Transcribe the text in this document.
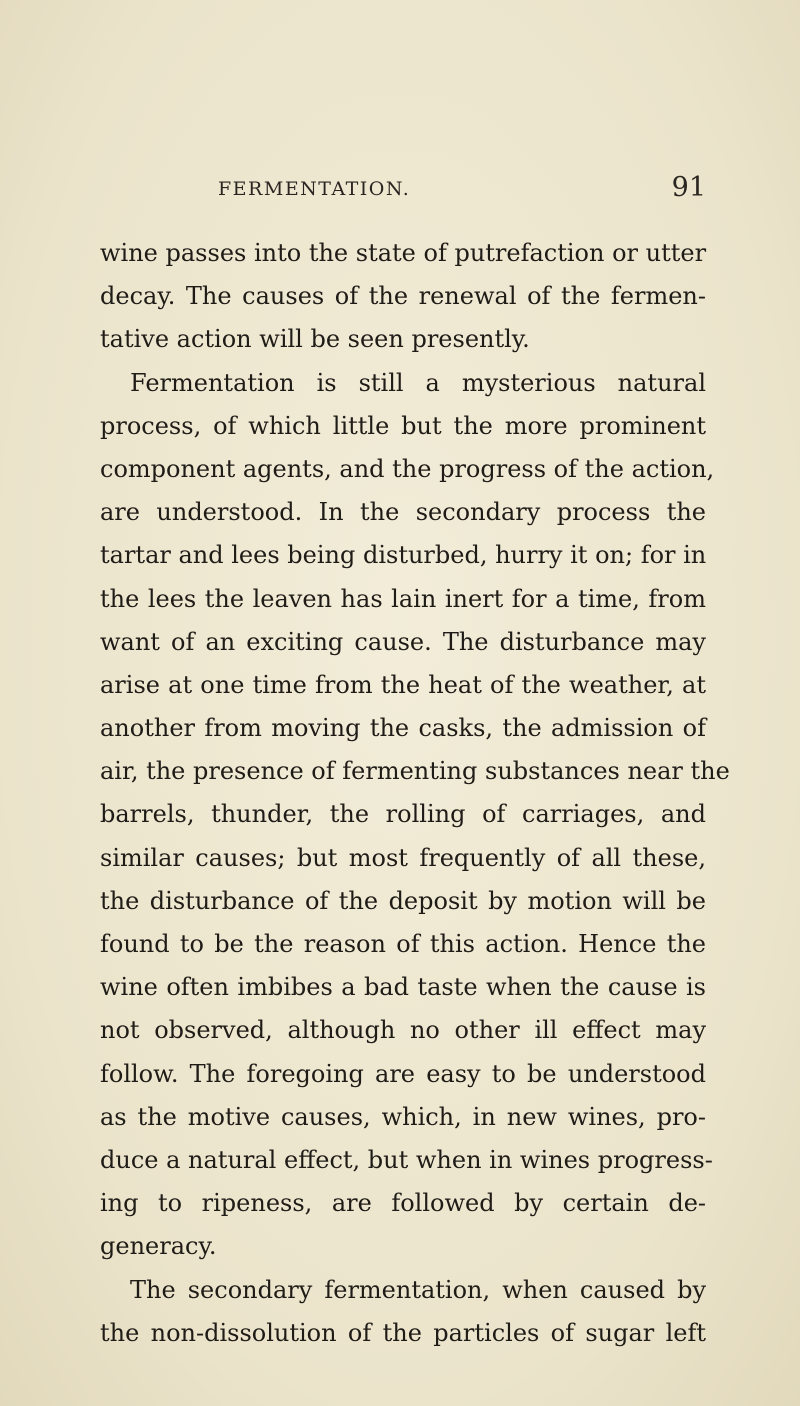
FERMENTATION.	91
wine passes into the state of putrefaction or utter
decay. The causes of the renewal of the fermen-
tative action will be seen presently.
Fermentation is still a mysterious natural
process, of which little but the more prominent
component agents, and the progress of the action,
are understood. In the secondary process the
tartar and lees being disturbed, hurry it on; for in
the lees the leaven has lain inert for a time, from
want of an exciting cause. The disturbance may
arise at one time from the heat of the weather, at
another from moving the casks, the admission of
air, the presence of fermenting substances near the
barrels, thunder, the rolling of carriages, and
similar causes; but most frequently of all these,
the disturbance of the deposit by motion will be
found to be the reason of this action. Hence the
wine often imbibes a bad taste when the cause is
not observed, although no other ill effect may
follow. The foregoing are easy to be understood
as the motive causes, which, in new wines, pro-
duce a natural effect, but when in wines progress-
ing to ripeness, are followed by certain de-
generacy.
The secondary fermentation, when caused by
the non-dissolution of the particles of sugar left
